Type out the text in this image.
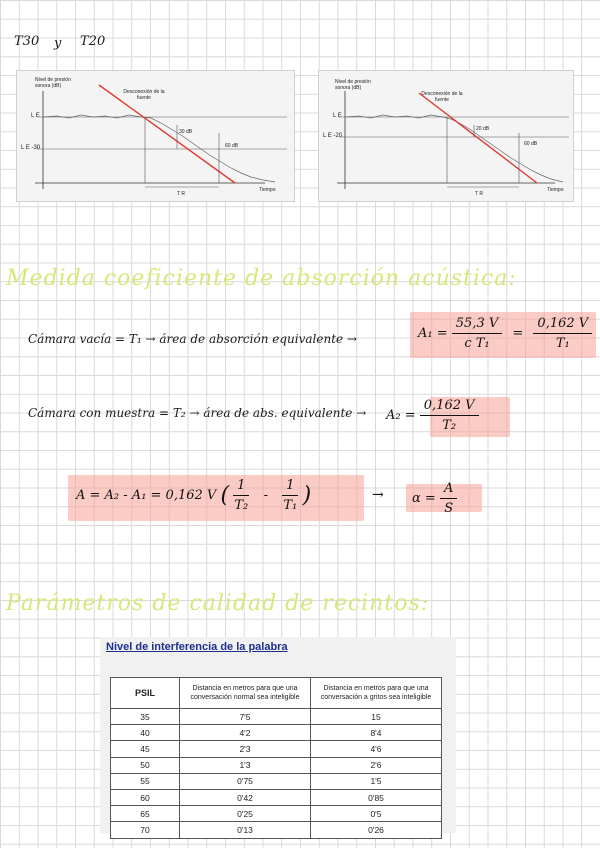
T30 y T20
Nivel de presión sonora (dB)
Desconexión de la fuente
L E
L E -30
30 dB
60 dB
T R
Tiempo
Nivel de presión sonora (dB)
Desconexión de la fuente
L E
L E -20
20 dB
60 dB
T R
Tiempo
Medida coeficiente de absorción acústica:
Cámara vacía = T₁ → área de absorción equivalente →	$A_1 = \frac{55,3 V}{\text{c T₁}} = \frac{0,162 V}{\text{T₁}}$
Cámara con muestra = T₂ → área de abs. equivalente → $A_2 = \frac{0,162 V}{\text{T₂}}$
A = A₂ - A₁ = 0,162 V ( $\frac{1}{\text{T₂}} - \frac{1}{\text{T₁}}$ )	→ $\alpha = \frac{A}{S}$
Parámetros de calidad de recintos:
Nivel de interferencia de la palabra
PSIL	Distancia en metros para que una conversación normal sea inteligible	Distancia en metros para que una conversación a gritos sea inteligible
35	7'5	15
40	4'2	8'4
45	2'3	4'6
50	1'3	2'6
55	0'75	1'5
60	0'42	0'85
65	0'25	0'5
70	0'13	0'26
